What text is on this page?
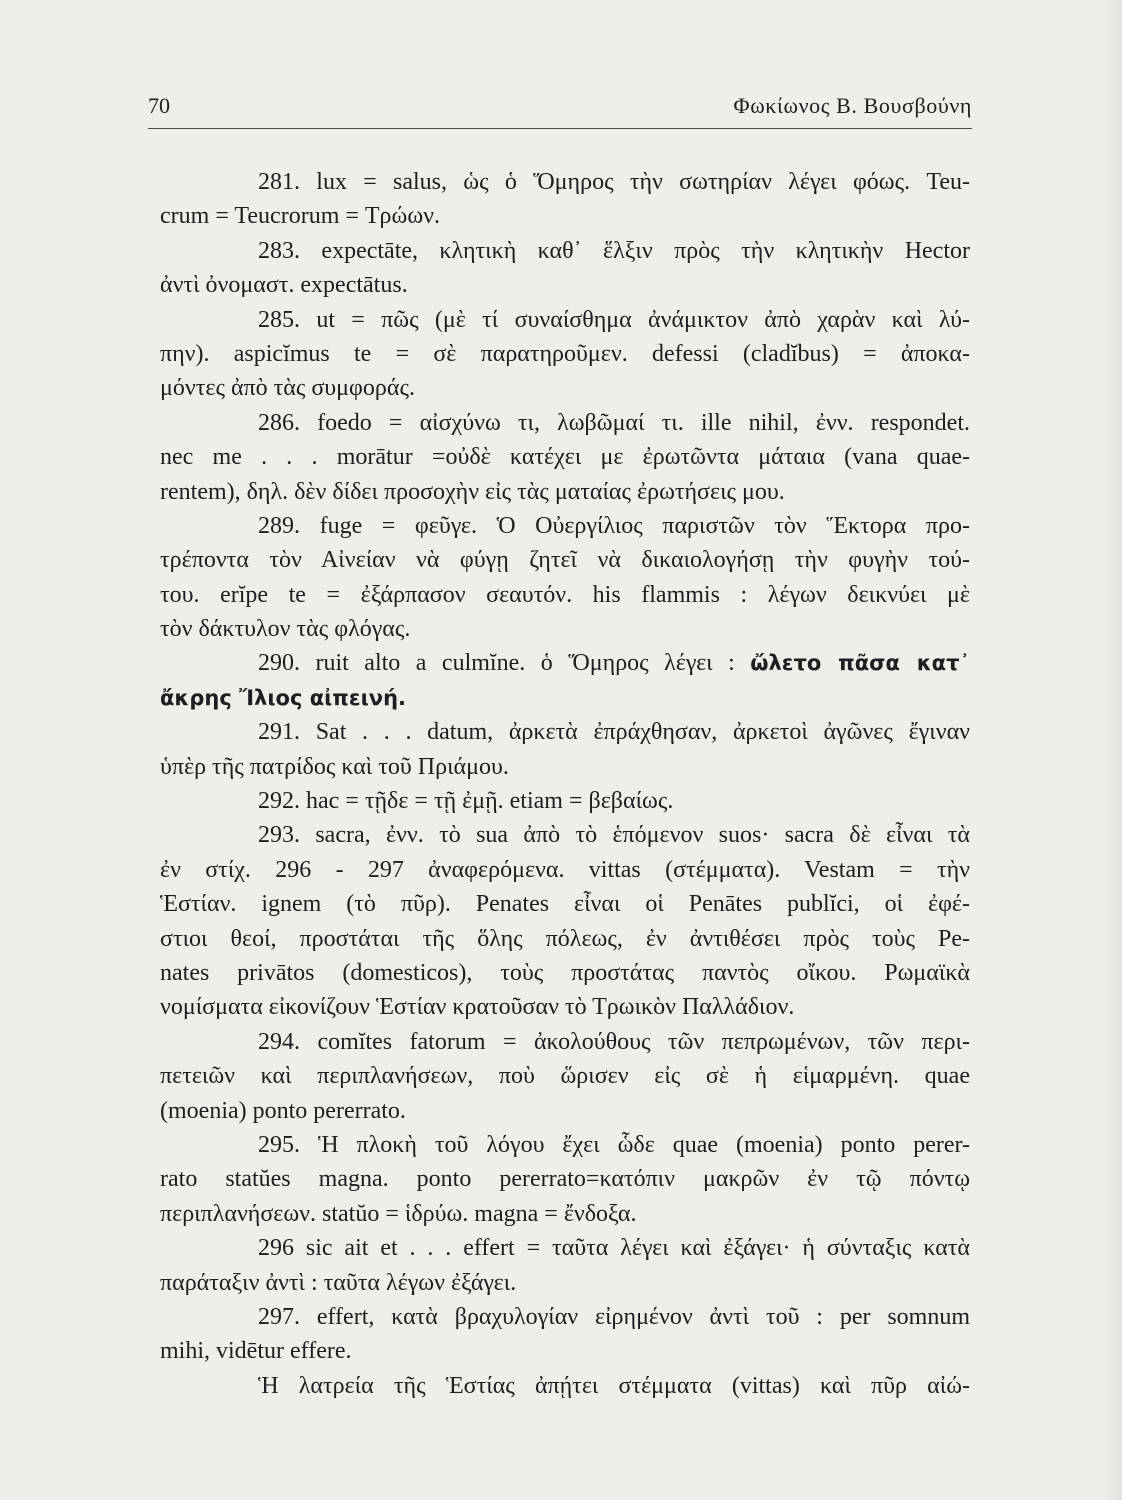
70	Φωκίωνος Β. Βουσβούνη
281. lux = salus, ὡς ὁ Ὅμηρος τὴν σωτηρίαν λέγει φόως. Teu-
crum = Teucrorum = Τρώων.
283. expectāte, κλητικὴ καθ᾽ ἕλξιν πρὸς τὴν κλητικὴν Hector
ἀντὶ ὀνομαστ. expectātus.
285. ut = πῶς (μὲ τί συναίσθημα ἀνάμικτον ἀπὸ χαρὰν καὶ λύ-
πην). aspicĭmus te = σὲ παρατηροῦμεν. defessi (cladĭbus) = ἀποκα-
μόντες ἀπὸ τὰς συμφοράς.
286. foedo = αἰσχύνω τι, λωβῶμαί τι. ille nihil, ἐνν. respondet.
nec me . . . morātur =οὐδὲ κατέχει με ἐρωτῶντα μάταια (vana quae-
rentem), δηλ. δὲν δίδει προσοχὴν εἰς τὰς ματαίας ἐρωτήσεις μου.
289. fuge = φεῦγε. Ὁ Οὐεργίλιος παριστῶν τὸν Ἕκτορα προ-
τρέποντα τὸν Αἰνείαν νὰ φύγῃ ζητεῖ νὰ δικαιολογήσῃ τὴν φυγὴν τού-
του. erĭpe te = ἐξάρπασον σεαυτόν. his flammis : λέγων δεικνύει μὲ
τὸν δάκτυλον τὰς φλόγας.
290. ruit alto a culmĭne. ὁ Ὅμηρος λέγει : ὤλετο πᾶσα κατ᾽
ἄκρης Ἴλιος αἰπεινή.
291. Sat . . . datum, ἀρκετὰ ἐπράχθησαν, ἀρκετοὶ ἀγῶνες ἔγιναν
ὑπὲρ τῆς πατρίδος καὶ τοῦ Πριάμου.
292. hac = τῇδε = τῇ ἐμῇ. etiam = βεβαίως.
293. sacra, ἐνν. τὸ sua ἀπὸ τὸ ἑπόμενον suos· sacra δὲ εἶναι τὰ
ἐν στίχ. 296 - 297 ἀναφερόμενα. vittas (στέμματα). Vestam = τὴν
Ἑστίαν. ignem (τὸ πῦρ). Penates εἶναι οἱ Penātes publĭci, οἱ ἐφέ-
στιοι θεοί, προστάται τῆς ὅλης πόλεως, ἐν ἀντιθέσει πρὸς τοὺς Pe-
nates privātos (domesticos), τοὺς προστάτας παντὸς οἴκου. Ρωμαϊκὰ
νομίσματα εἰκονίζουν Ἑστίαν κρατοῦσαν τὸ Τρωικὸν Παλλάδιον.
294. comĭtes fatorum = ἀκολούθους τῶν πεπρωμένων, τῶν περι-
πετειῶν καὶ περιπλανήσεων, ποὺ ὥρισεν εἰς σὲ ἡ εἱμαρμένη. quae
(moenia) ponto pererrato.
295. Ἡ πλοκὴ τοῦ λόγου ἔχει ὧδε quae (moenia) ponto perer-
rato statŭes magna. ponto pererrato=κατόπιν μακρῶν ἐν τῷ πόντῳ
περιπλανήσεων. statŭo = ἱδρύω. magna = ἔνδοξα.
296 sic ait et . . . effert = ταῦτα λέγει καὶ ἐξάγει· ἡ σύνταξις κατὰ
παράταξιν ἀντὶ : ταῦτα λέγων ἐξάγει.
297. effert, κατὰ βραχυλογίαν εἰρημένον ἀντὶ τοῦ : per somnum
mihi, vidētur effere.
Ἡ λατρεία τῆς Ἑστίας ἀπῄτει στέμματα (vittas) καὶ πῦρ αἰώ-
